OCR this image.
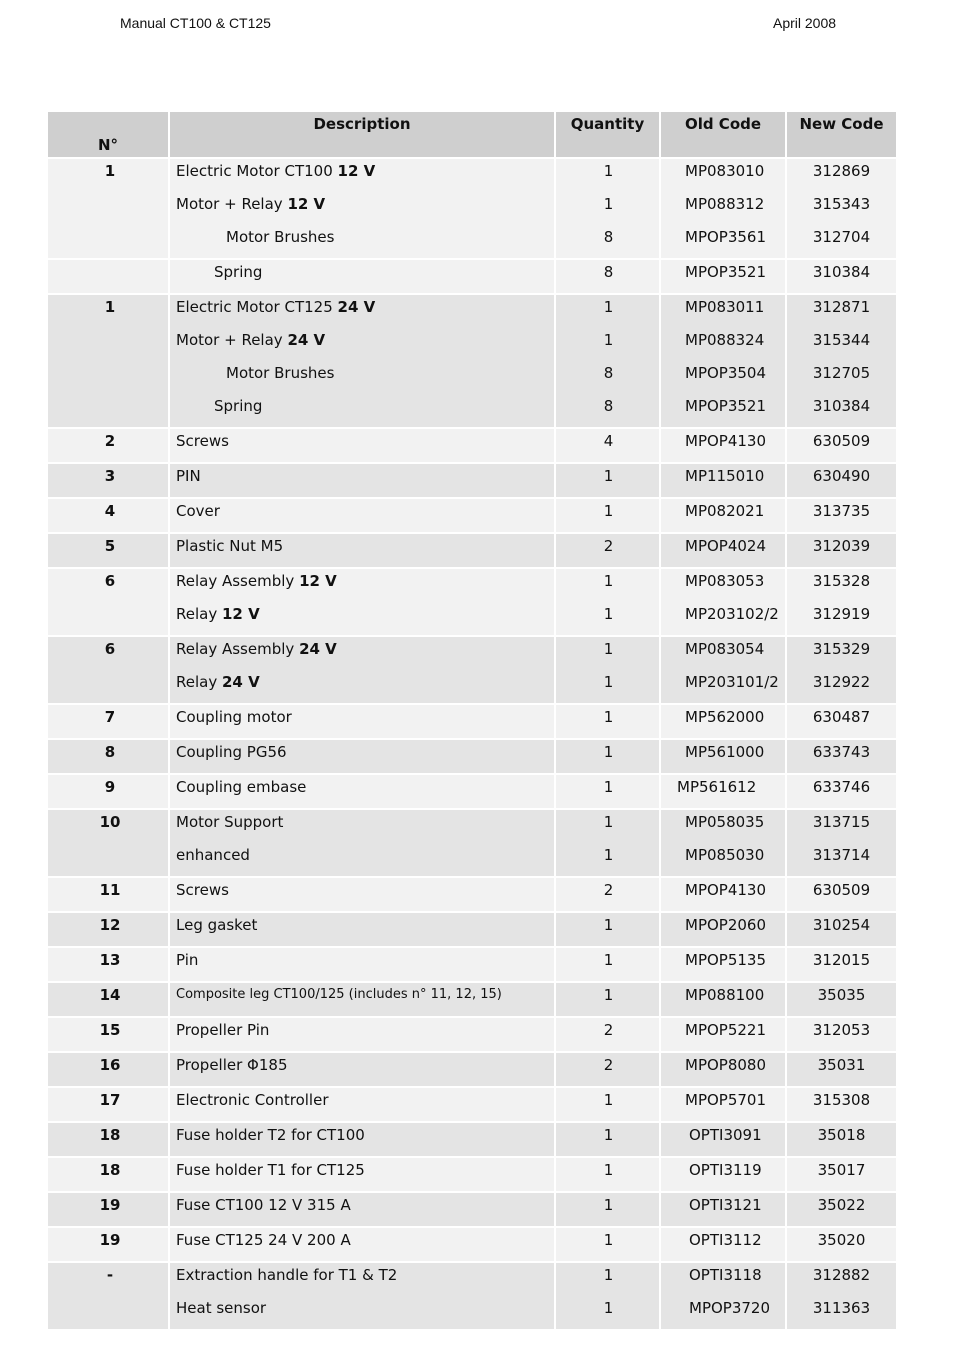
Manual CT100 & CT125	April 2008
N°	Description	Quantity	Old Code	New Code
1	Electric Motor CT100 12 V	1	MP083010	312869
	Motor + Relay 12 V	1	MP088312	315343
	Motor Brushes	8	MPOP3561	312704
	Spring	8	MPOP3521	310384
1	Electric Motor CT125 24 V	1	MP083011	312871
	Motor + Relay 24 V	1	MP088324	315344
	Motor Brushes	8	MPOP3504	312705
	Spring	8	MPOP3521	310384
2	Screws	4	MPOP4130	630509
3	PIN	1	MP115010	630490
4	Cover	1	MP082021	313735
5	Plastic Nut M5	2	MPOP4024	312039
6	Relay Assembly 12 V	1	MP083053	315328
	Relay 12 V	1	MP203102/2	312919
6	Relay Assembly 24 V	1	MP083054	315329
	Relay 24 V	1	MP203101/2	312922
7	Coupling motor	1	MP562000	630487
8	Coupling PG56	1	MP561000	633743
9	Coupling embase	1	MP561612	633746
10	Motor Support	1	MP058035	313715
	enhanced	1	MP085030	313714
11	Screws	2	MPOP4130	630509
12	Leg gasket	1	MPOP2060	310254
13	Pin	1	MPOP5135	312015
14	Composite leg CT100/125 (includes n° 11, 12, 15)	1	MP088100	35035
15	Propeller Pin	2	MPOP5221	312053
16	Propeller Φ185	2	MPOP8080	35031
17	Electronic Controller	1	MPOP5701	315308
18	Fuse holder T2 for CT100	1	OPTI3091	35018
18	Fuse holder T1 for CT125	1	OPTI3119	35017
19	Fuse CT100 12 V 315 A	1	OPTI3121	35022
19	Fuse CT125 24 V 200 A	1	OPTI3112	35020
-	Extraction handle for T1 & T2	1	OPTI3118	312882
	Heat sensor	1	MPOP3720	311363
